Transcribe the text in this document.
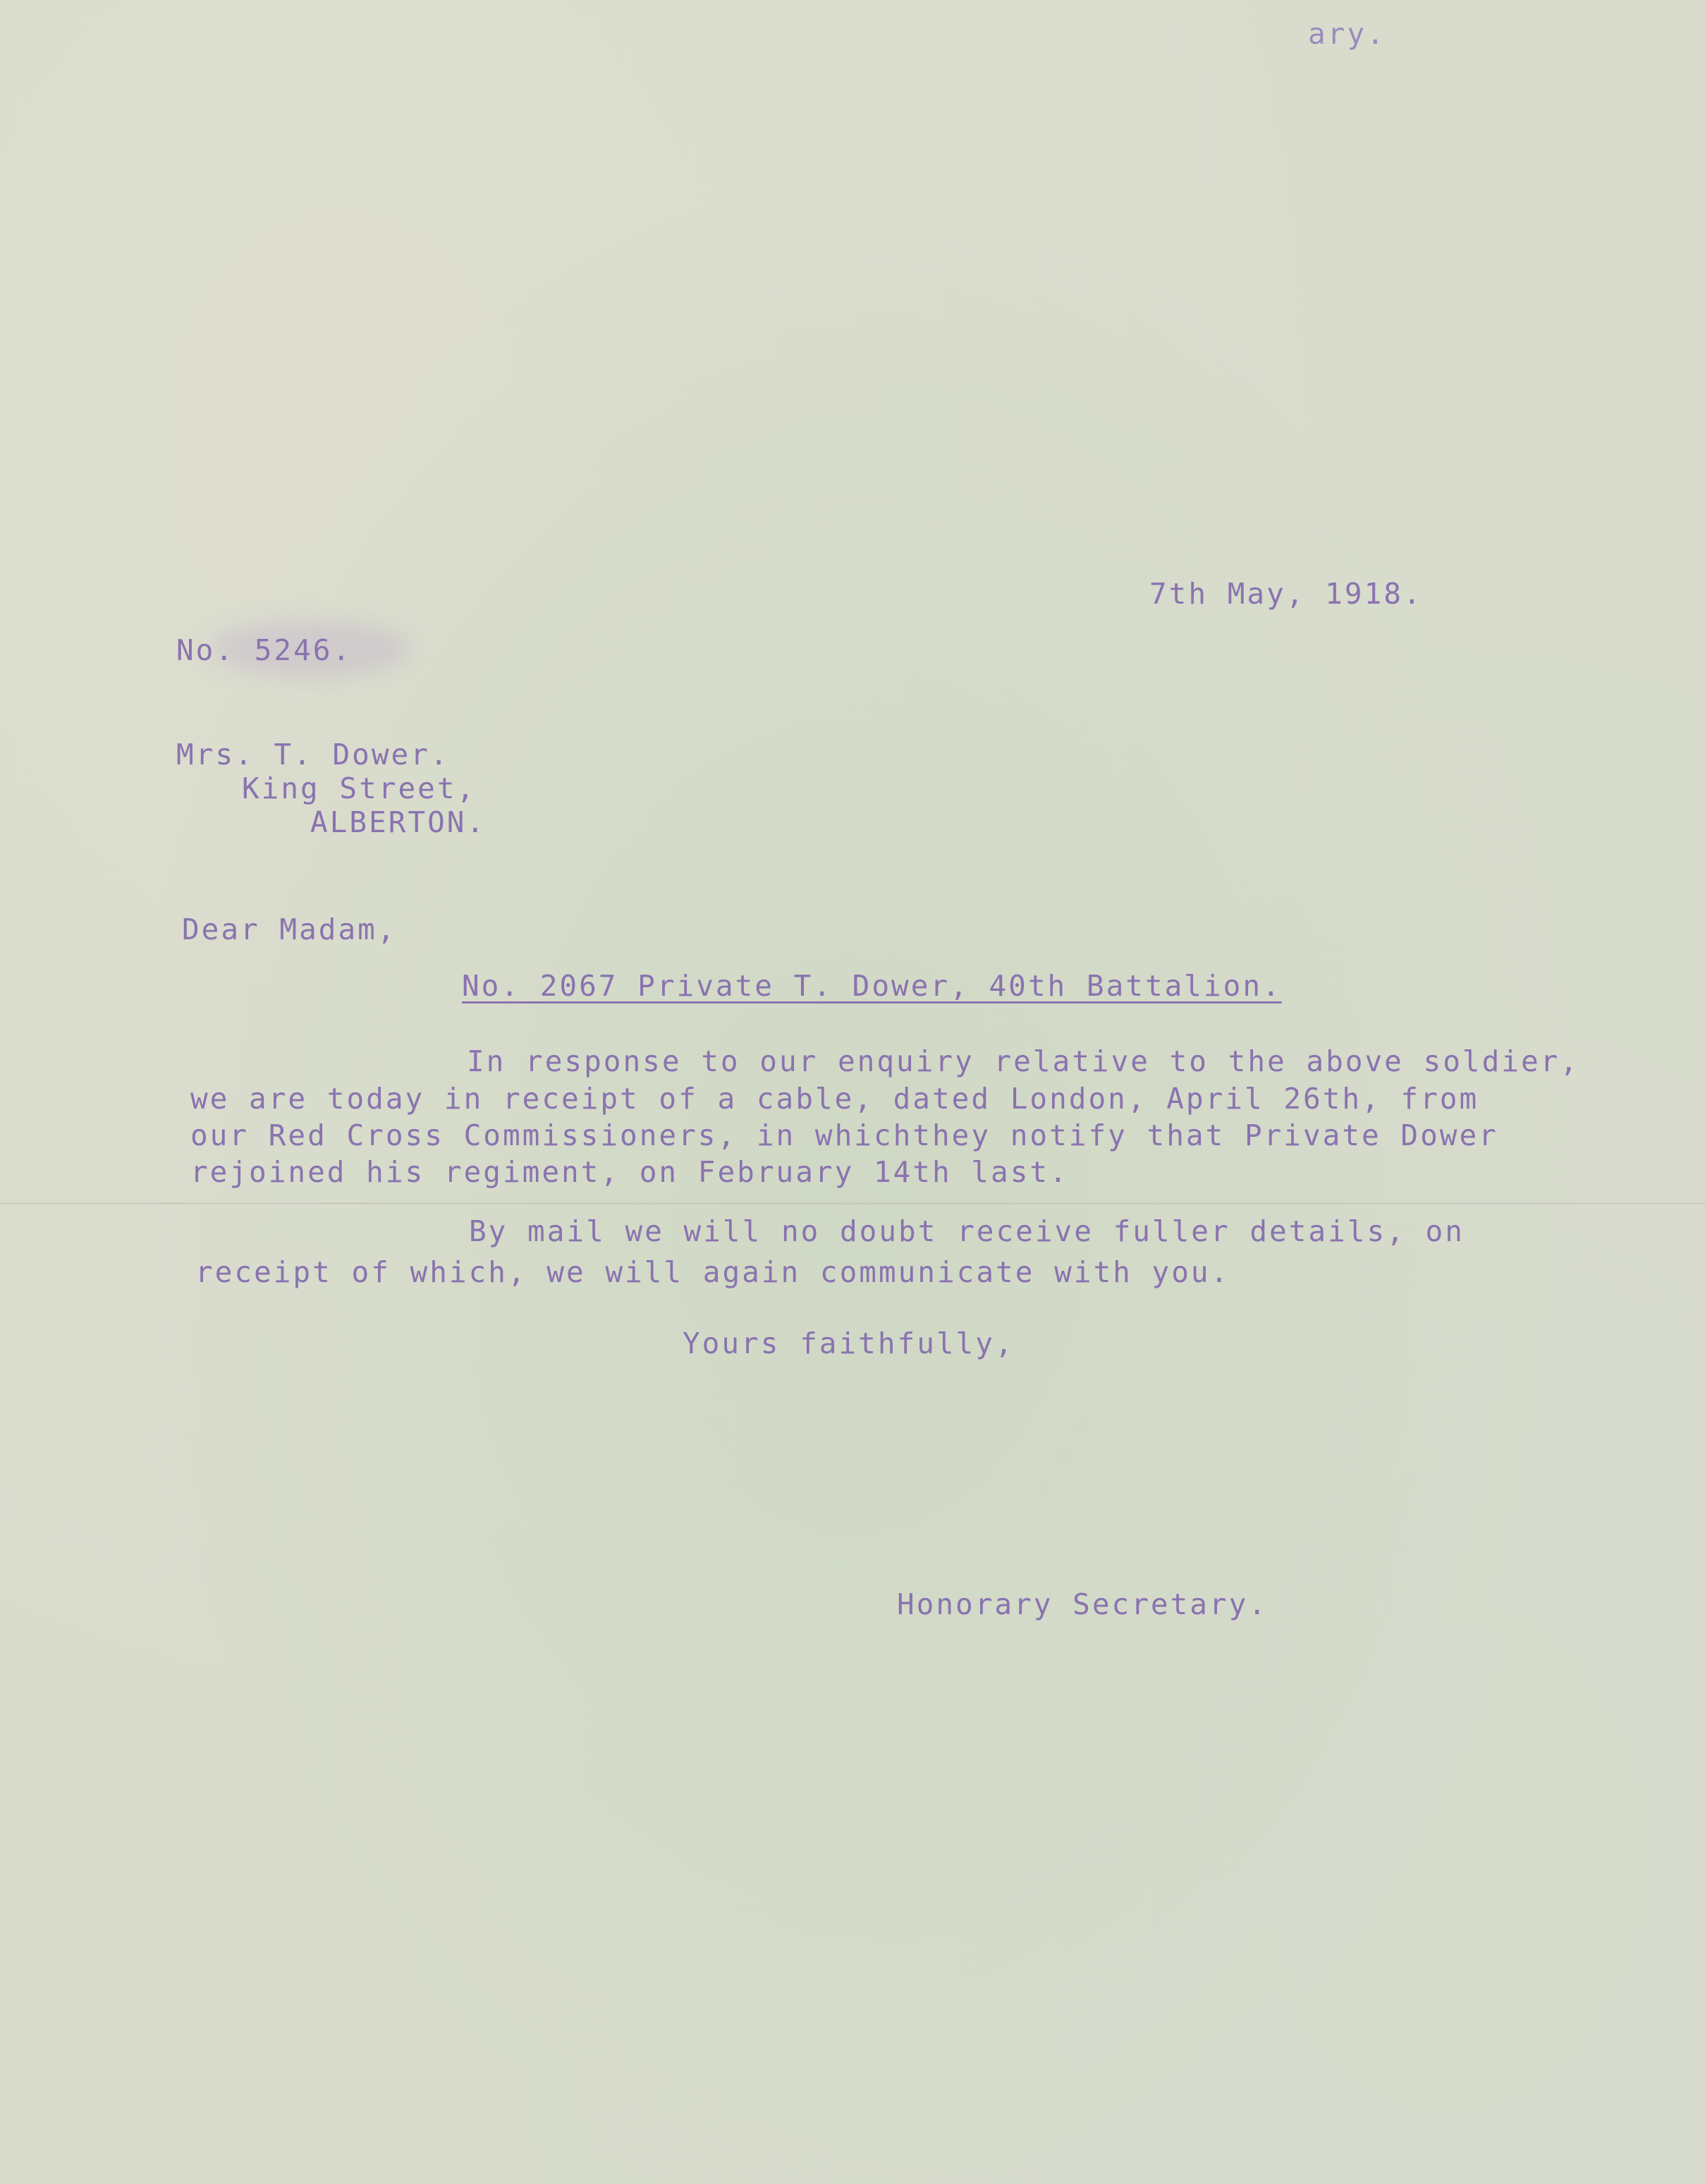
ary.
7th May, 1918.
No. 5246.
Mrs. T. Dower.
King Street,
ALBERTON.
Dear Madam,
No. 2067 Private T. Dower, 40th Battalion.
In response to our enquiry relative to the above soldier,
we are today in receipt of a cable, dated London, April 26th, from
our Red Cross Commissioners, in whichthey notify that Private Dower
rejoined his regiment, on February 14th last.
By mail we will no doubt receive fuller details, on
receipt of which, we will again communicate with you.
Yours faithfully,
Honorary Secretary.
